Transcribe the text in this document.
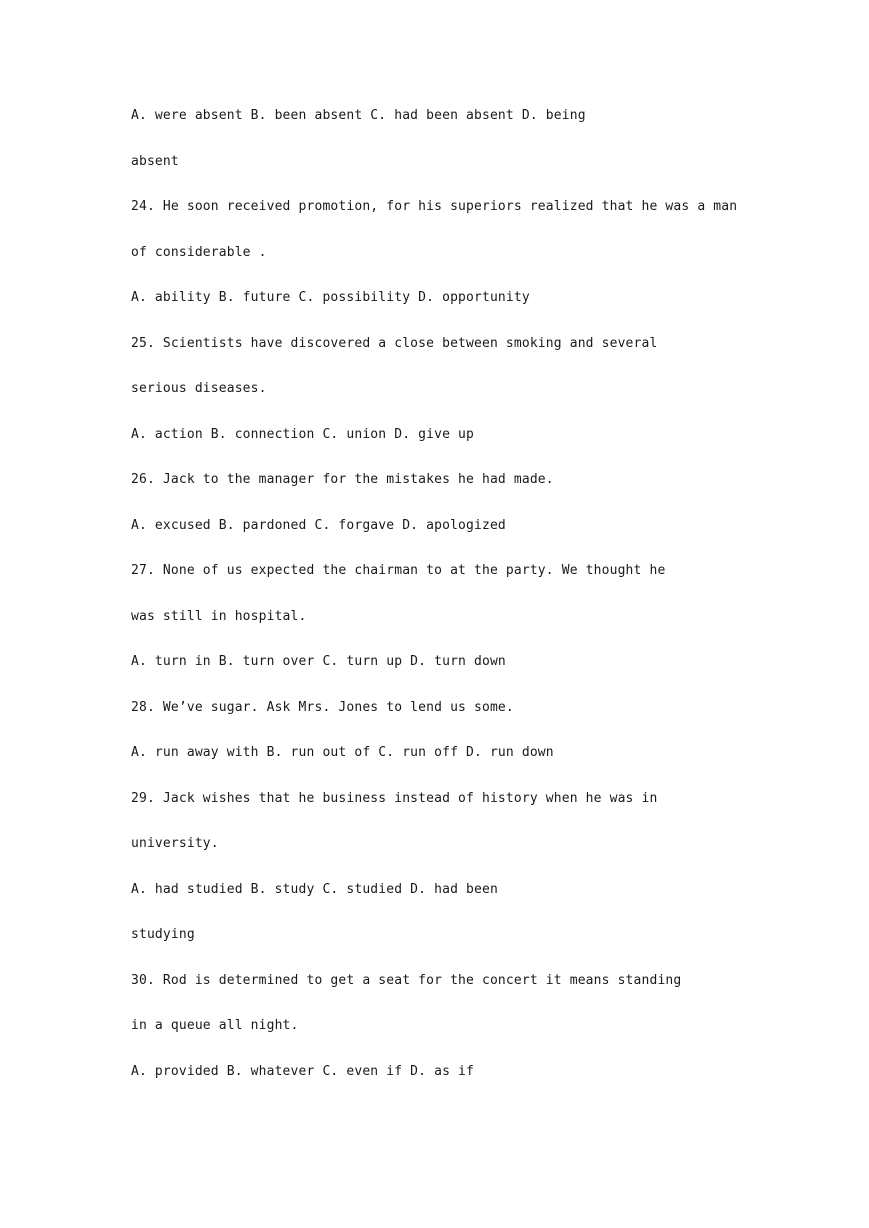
A. were absent B. been absent C. had been absent D. being
absent
24. He soon received promotion, for his superiors realized that he was a man
of considerable .
A. ability B. future C. possibility D. opportunity
25. Scientists have discovered a close between smoking and several
serious diseases.
A. action B. connection C. union D. give up
26. Jack to the manager for the mistakes he had made.
A. excused B. pardoned C. forgave D. apologized
27. None of us expected the chairman to at the party. We thought he
was still in hospital.
A. turn in B. turn over C. turn up D. turn down
28. We’ve sugar. Ask Mrs. Jones to lend us some.
A. run away with B. run out of C. run off D. run down
29. Jack wishes that he business instead of history when he was in
university.
A. had studied B. study C. studied D. had been
studying
30. Rod is determined to get a seat for the concert it means standing
in a queue all night.
A. provided B. whatever C. even if D. as if
